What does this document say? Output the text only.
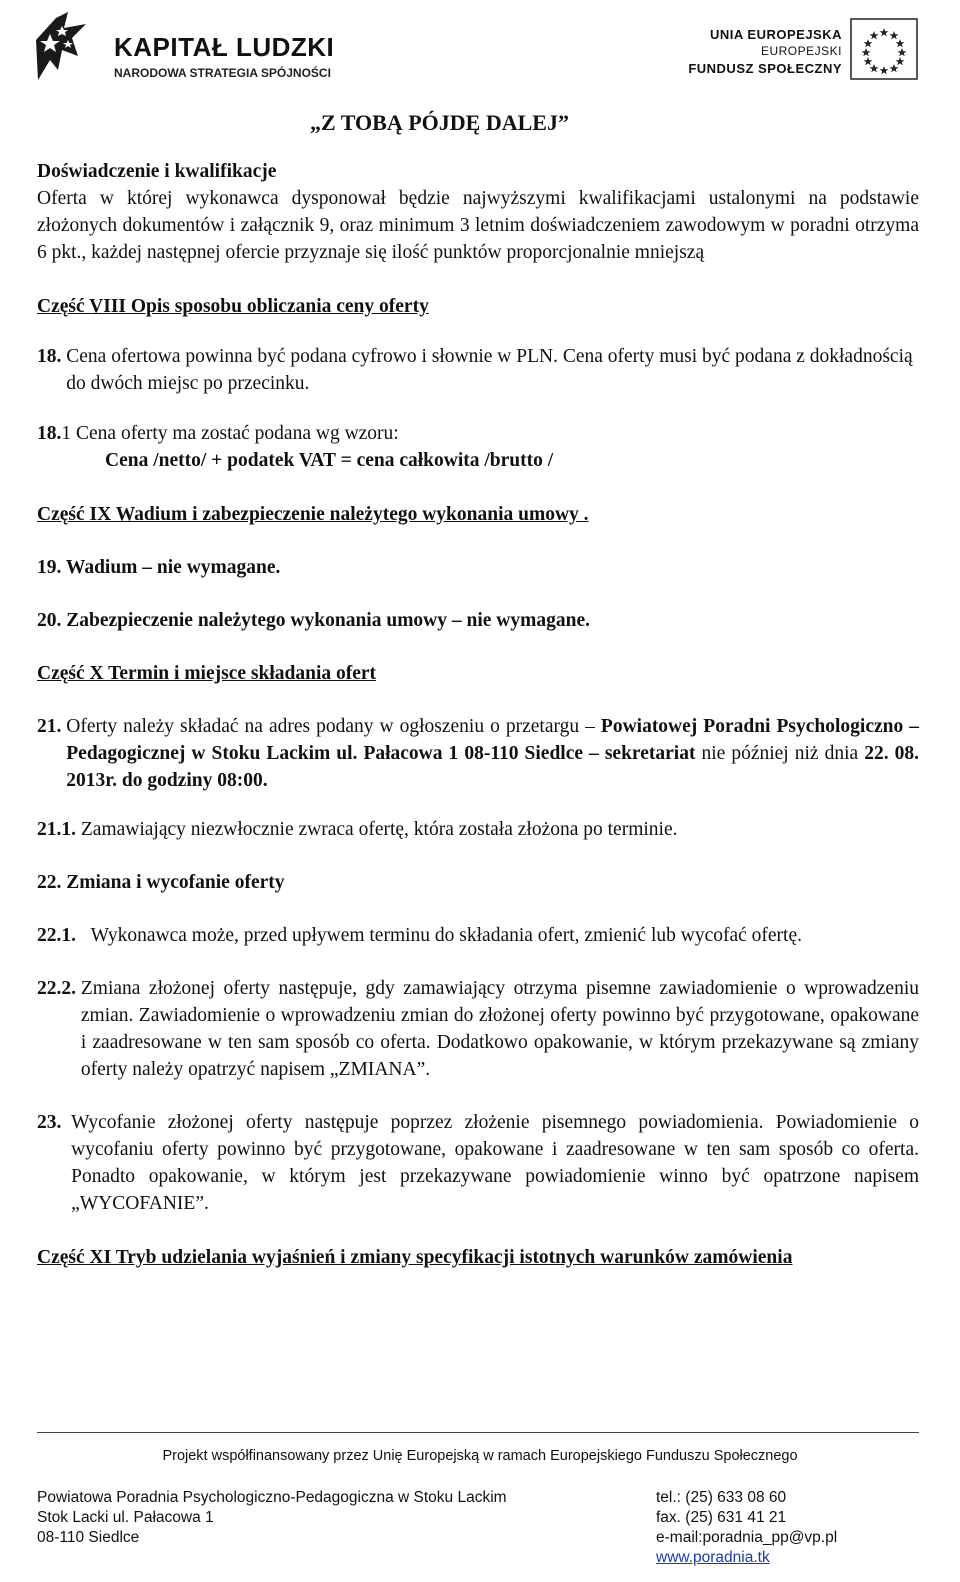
KAPITAŁ LUDZKI
NARODOWA STRATEGIA SPÓJNOŚCI
UNIA EUROPEJSKA
EUROPEJSKI
FUNDUSZ SPOŁECZNY
„Z TOBĄ PÓJDĘ DALEJ”

Doświadczenie i kwalifikacje

Oferta w której wykonawca dysponował będzie najwyższymi kwalifikacjami ustalonymi na podstawie złożonych dokumentów i załącznik 9, oraz minimum 3 letnim doświadczeniem zawodowym w poradni otrzyma 6 pkt., każdej następnej ofercie przyznaje się ilość punktów proporcjonalnie mniejszą

Część VIII Opis sposobu obliczania ceny oferty

18. Cena ofertowa powinna być podana cyfrowo i słownie w PLN. Cena oferty musi być podana z dokładnością do dwóch miejsc po przecinku.

18.1 Cena oferty ma zostać podana wg wzoru:

Cena /netto/ + podatek VAT = cena całkowita /brutto /

Część IX Wadium i zabezpieczenie należytego wykonania umowy .

19. Wadium – nie wymagane.

20. Zabezpieczenie należytego wykonania umowy – nie wymagane.

Część X Termin i miejsce składania ofert

21. Oferty należy składać na adres podany w ogłoszeniu o przetargu – Powiatowej Poradni Psychologiczno – Pedagogicznej w Stoku Lackim ul. Pałacowa 1 08-110 Siedlce – sekretariat nie później niż dnia 22. 08. 2013r. do godziny 08:00.

21.1. Zamawiający niezwłocznie zwraca ofertę, która została złożona po terminie.

22. Zmiana i wycofanie oferty

22.1. Wykonawca może, przed upływem terminu do składania ofert, zmienić lub wycofać ofertę.
22.2. Zmiana złożonej oferty następuje, gdy zamawiający otrzyma pisemne zawiadomienie o wprowadzeniu zmian. Zawiadomienie o wprowadzeniu zmian do złożonej oferty powinno być przygotowane, opakowane i zaadresowane w ten sam sposób co oferta. Dodatkowo opakowanie, w którym przekazywane są zmiany oferty należy opatrzyć napisem „ZMIANA”.
23. Wycofanie złożonej oferty następuje poprzez złożenie pisemnego powiadomienia. Powiadomienie o wycofaniu oferty powinno być przygotowane, opakowane i zaadresowane w ten sam sposób co oferta. Ponadto opakowanie, w którym jest przekazywane powiadomienie winno być opatrzone napisem „WYCOFANIE”.

Część XI Tryb udzielania wyjaśnień i zmiany specyfikacji istotnych warunków zamówienia

Projekt współfinansowany przez Unię Europejską w ramach Europejskiego Funduszu Społecznego
Powiatowa Poradnia Psychologiczno-Pedagogiczna w Stoku Lackim
Stok Lacki ul. Pałacowa 1
08-110 Siedlce
tel.: (25) 633 08 60
fax. (25) 631 41 21
e-mail:poradnia_pp@vp.pl
www.poradnia.tk
